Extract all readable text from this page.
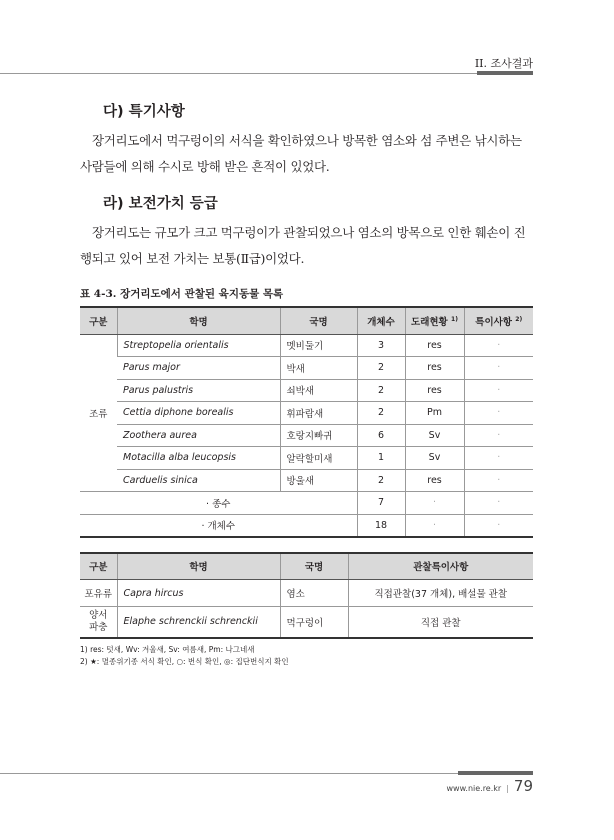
II. 조사결과
다) 특기사항
장거리도에서 먹구렁이의 서식을 확인하였으나 방목한 염소와 섬 주변은 낚시하는 사람들에 의해 수시로 방해 받은 흔적이 있었다.
라) 보전가치 등급
장거리도는 규모가 크고 먹구렁이가 관찰되었으나 염소의 방목으로 인한 훼손이 진행되고 있어 보전 가치는 보통(Ⅱ급)이었다.
표 4-3. 장거리도에서 관찰된 육지동물 목록
구분	학명	국명	개체수	도래현황 $^{1)}$	특이사항 $^{2)}$
조류	Streptopelia orientalis	멧비둘기	3	res	·
	Parus major	박새	2	res	·
	Parus palustris	쇠박새	2	res	·
	Cettia diphone borealis	휘파람새	2	Pm	·
	Zoothera aurea	호랑지빠귀	6	Sv	·
	Motacilla alba leucopsis	알락할미새	1	Sv	·
	Carduelis sinica	방울새	2	res	·
· 종수			7	·	·
· 개체수			18	·	·
구분	학명	국명	관찰특이사항
포유류	Capra hircus	염소	직접관찰(37 개체), 배설물 관찰
양서
파충	Elaphe schrenckii schrenckii	먹구렁이	직접 관찰
1) res: 텃새, Wv: 겨울새, Sv: 여름새, Pm: 나그네새
2) ★: 멸종위기종 서식 확인, ○: 번식 확인, ◎: 집단번식지 확인
www.nie.re.kr | 79
